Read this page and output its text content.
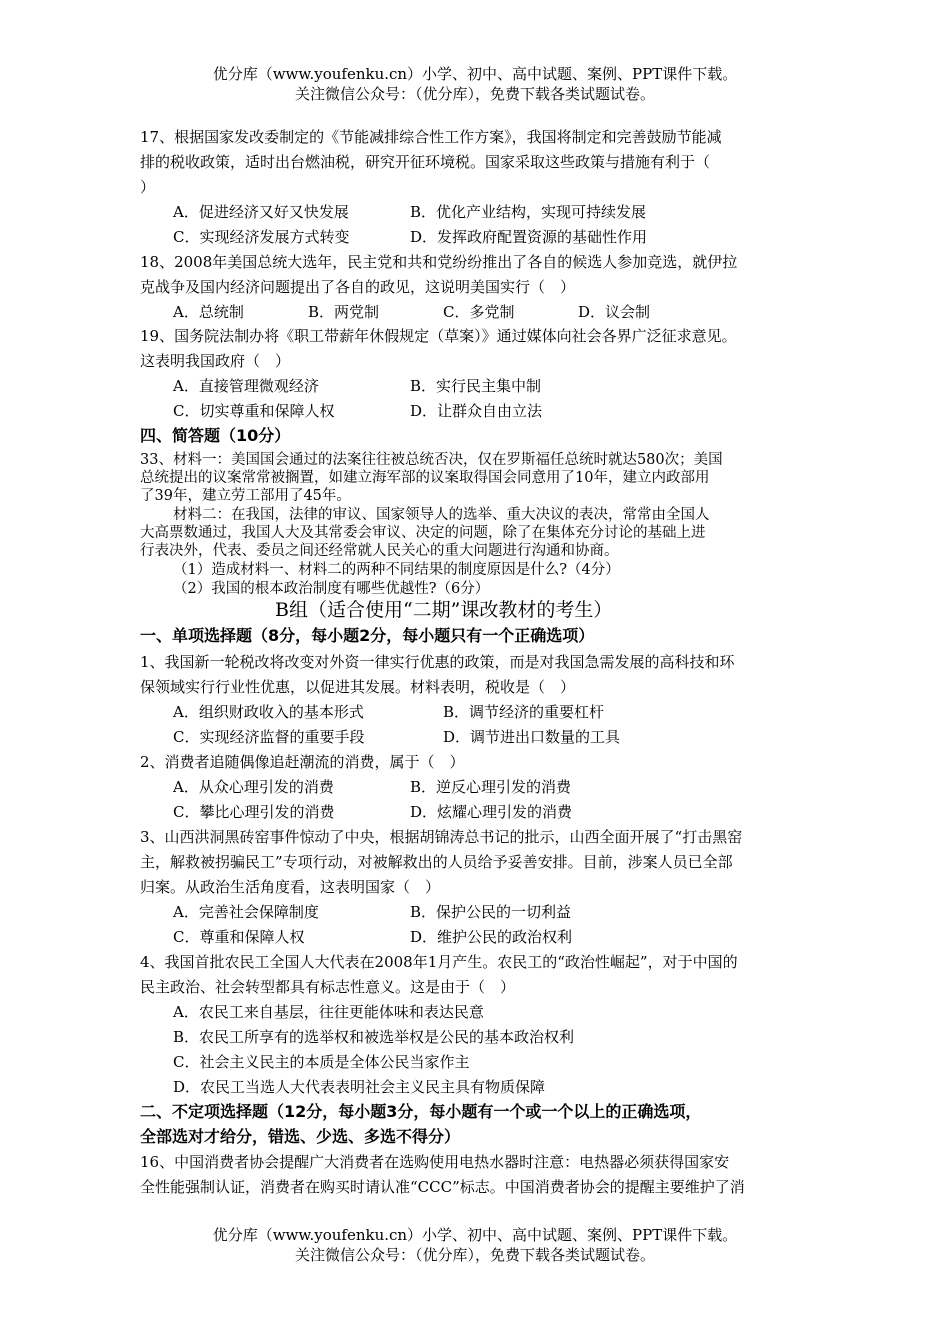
优分库（www.youfenku.cn）小学、初中、高中试题、案例、PPT课件下载。
关注微信公众号：（优分库），免费下载各类试题试卷。
17、根据国家发改委制定的《节能减排综合性工作方案》，我国将制定和完善鼓励节能减
排的税收政策，适时出台燃油税，研究开征环境税。国家采取这些政策与措施有利于（
）
A．促进经济又好又快发展	B．优化产业结构，实现可持续发展
C．实现经济发展方式转变	D．发挥政府配置资源的基础性作用
18、2008年美国总统大选年，民主党和共和党纷纷推出了各自的候选人参加竞选，就伊拉
克战争及国内经济问题提出了各自的政见，这说明美国实行（　）
A．总统制	B．两党制	C．多党制	D．议会制
19、国务院法制办将《职工带薪年休假规定（草案）》通过媒体向社会各界广泛征求意见。
这表明我国政府（　）
A．直接管理微观经济	B．实行民主集中制
C．切实尊重和保障人权	D．让群众自由立法
四、简答题（10分）
33、材料一：美国国会通过的法案往往被总统否决，仅在罗斯福任总统时就达580次；美国
总统提出的议案常常被搁置，如建立海军部的议案取得国会同意用了10年，建立内政部用
了39年，建立劳工部用了45年。
材料二：在我国，法律的审议、国家领导人的选举、重大决议的表决，常常由全国人
大高票数通过，我国人大及其常委会审议、决定的问题，除了在集体充分讨论的基础上进
行表决外，代表、委员之间还经常就人民关心的重大问题进行沟通和协商。
（1）造成材料一、材料二的两种不同结果的制度原因是什么?（4分）
（2）我国的根本政治制度有哪些优越性?（6分）
B组（适合使用“二期”课改教材的考生）
一、单项选择题（8分，每小题2分，每小题只有一个正确选项）
1、我国新一轮税改将改变对外资一律实行优惠的政策，而是对我国急需发展的高科技和环
保领域实行行业性优惠，以促进其发展。材料表明，税收是（　）
A．组织财政收入的基本形式	B．调节经济的重要杠杆
C．实现经济监督的重要手段	D．调节进出口数量的工具
2、消费者追随偶像追赶潮流的消费，属于（　）
A．从众心理引发的消费	B．逆反心理引发的消费
C．攀比心理引发的消费	D．炫耀心理引发的消费
3、山西洪洞黑砖窑事件惊动了中央，根据胡锦涛总书记的批示，山西全面开展了“打击黑窑
主，解救被拐骗民工”专项行动，对被解救出的人员给予妥善安排。目前，涉案人员已全部
归案。从政治生活角度看，这表明国家（　）
A．完善社会保障制度	B．保护公民的一切利益
C．尊重和保障人权	D．维护公民的政治权利
4、我国首批农民工全国人大代表在2008年1月产生。农民工的“政治性崛起”，对于中国的
民主政治、社会转型都具有标志性意义。这是由于（　）
A．农民工来自基层，往往更能体味和表达民意
B．农民工所享有的选举权和被选举权是公民的基本政治权利
C．社会主义民主的本质是全体公民当家作主
D．农民工当选人大代表表明社会主义民主具有物质保障
二、不定项选择题（12分，每小题3分，每小题有一个或一个以上的正确选项，
全部选对才给分，错选、少选、多选不得分）
16、中国消费者协会提醒广大消费者在选购使用电热水器时注意：电热器必须获得国家安
全性能强制认证，消费者在购买时请认准“CCC”标志。中国消费者协会的提醒主要维护了消
优分库（www.youfenku.cn）小学、初中、高中试题、案例、PPT课件下载。
关注微信公众号：（优分库），免费下载各类试题试卷。
